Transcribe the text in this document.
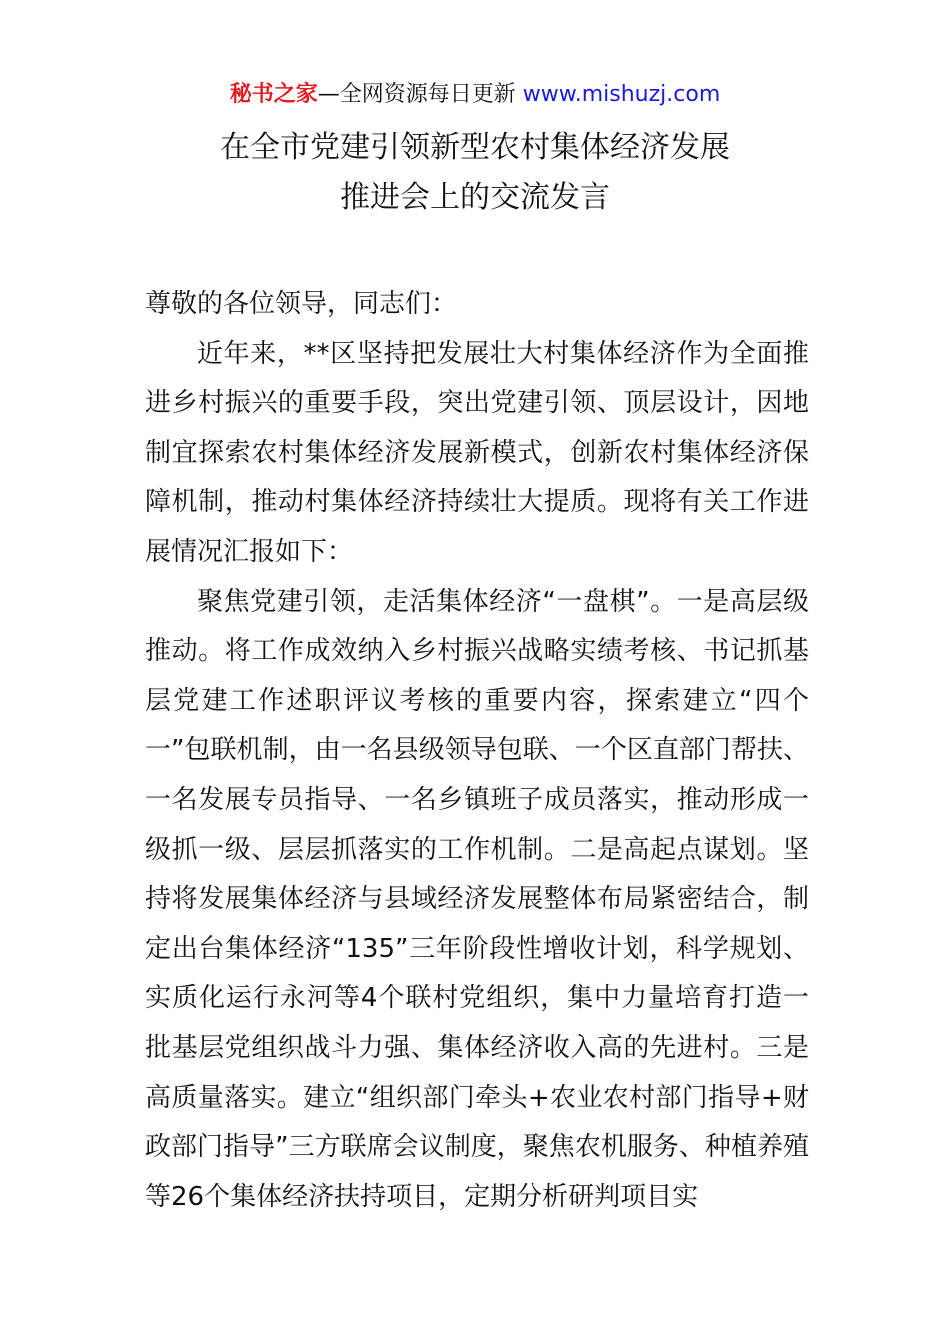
秘书之家—全网资源每日更新 www.mishuzj.com
在全市党建引领新型农村集体经济发展
推进会上的交流发言

尊敬的各位领导，同志们：

近年来，**区坚持把发展壮大村集体经济作为全面推进乡村振兴的重要手段，突出党建引领、顶层设计，因地制宜探索农村集体经济发展新模式，创新农村集体经济保障机制，推动村集体经济持续壮大提质。现将有关工作进展情况汇报如下：

聚焦党建引领，走活集体经济“一盘棋”。一是高层级推动。将工作成效纳入乡村振兴战略实绩考核、书记抓基层党建工作述职评议考核的重要内容，探索建立“四个一”包联机制，由一名县级领导包联、一个区直部门帮扶、一名发展专员指导、一名乡镇班子成员落实，推动形成一级抓一级、层层抓落实的工作机制。二是高起点谋划。坚持将发展集体经济与县域经济发展整体布局紧密结合，制定出台集体经济“135”三年阶段性增收计划，科学规划、实质化运行永河等4个联村党组织，集中力量培育打造一批基层党组织战斗力强、集体经济收入高的先进村。三是高质量落实。建立“组织部门牵头+农业农村部门指导+财政部门指导”三方联席会议制度，聚焦农机服务、种植养殖等26个集体经济扶持项目，定期分析研判项目实
